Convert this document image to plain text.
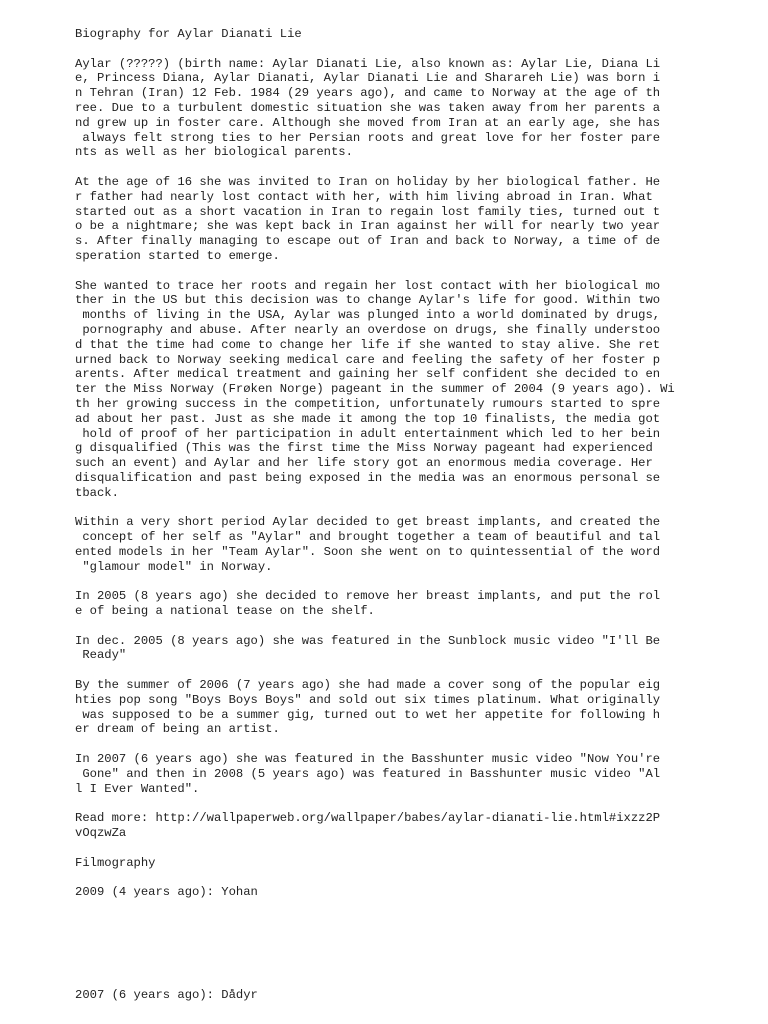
Biography for Aylar Dianati Lie
Aylar (?????) (birth name: Aylar Dianati Lie, also known as: Aylar Lie, Diana Li
e, Princess Diana, Aylar Dianati, Aylar Dianati Lie and Sharareh Lie) was born i
n Tehran (Iran) 12 Feb. 1984 (29 years ago), and came to Norway at the age of th
ree. Due to a turbulent domestic situation she was taken away from her parents a
nd grew up in foster care. Although she moved from Iran at an early age, she has
always felt strong ties to her Persian roots and great love for her foster pare
nts as well as her biological parents.
At the age of 16 she was invited to Iran on holiday by her biological father. He
r father had nearly lost contact with her, with him living abroad in Iran. What
started out as a short vacation in Iran to regain lost family ties, turned out t
o be a nightmare; she was kept back in Iran against her will for nearly two year
s. After finally managing to escape out of Iran and back to Norway, a time of de
speration started to emerge.
She wanted to trace her roots and regain her lost contact with her biological mo
ther in the US but this decision was to change Aylar's life for good. Within two
months of living in the USA, Aylar was plunged into a world dominated by drugs,
pornography and abuse. After nearly an overdose on drugs, she finally understoo
d that the time had come to change her life if she wanted to stay alive. She ret
urned back to Norway seeking medical care and feeling the safety of her foster p
arents. After medical treatment and gaining her self confident she decided to en
ter the Miss Norway (Frøken Norge) pageant in the summer of 2004 (9 years ago). Wi
th her growing success in the competition, unfortunately rumours started to spre
ad about her past. Just as she made it among the top 10 finalists, the media got
hold of proof of her participation in adult entertainment which led to her bein
g disqualified (This was the first time the Miss Norway pageant had experienced
such an event) and Aylar and her life story got an enormous media coverage. Her
disqualification and past being exposed in the media was an enormous personal se
tback.
Within a very short period Aylar decided to get breast implants, and created the
concept of her self as "Aylar" and brought together a team of beautiful and tal
ented models in her "Team Aylar". Soon she went on to quintessential of the word
"glamour model" in Norway.
In 2005 (8 years ago) she decided to remove her breast implants, and put the rol
e of being a national tease on the shelf.
In dec. 2005 (8 years ago) she was featured in the Sunblock music video "I'll Be
Ready"
By the summer of 2006 (7 years ago) she had made a cover song of the popular eig
hties pop song "Boys Boys Boys" and sold out six times platinum. What originally
was supposed to be a summer gig, turned out to wet her appetite for following h
er dream of being an artist.
In 2007 (6 years ago) she was featured in the Basshunter music video "Now You're
Gone" and then in 2008 (5 years ago) was featured in Basshunter music video "Al
l I Ever Wanted".
Read more: http://wallpaperweb.org/wallpaper/babes/aylar-dianati-lie.html#ixzz2P
vOqzwZa
Filmography
2009 (4 years ago): Yohan
2007 (6 years ago): Dådyr
